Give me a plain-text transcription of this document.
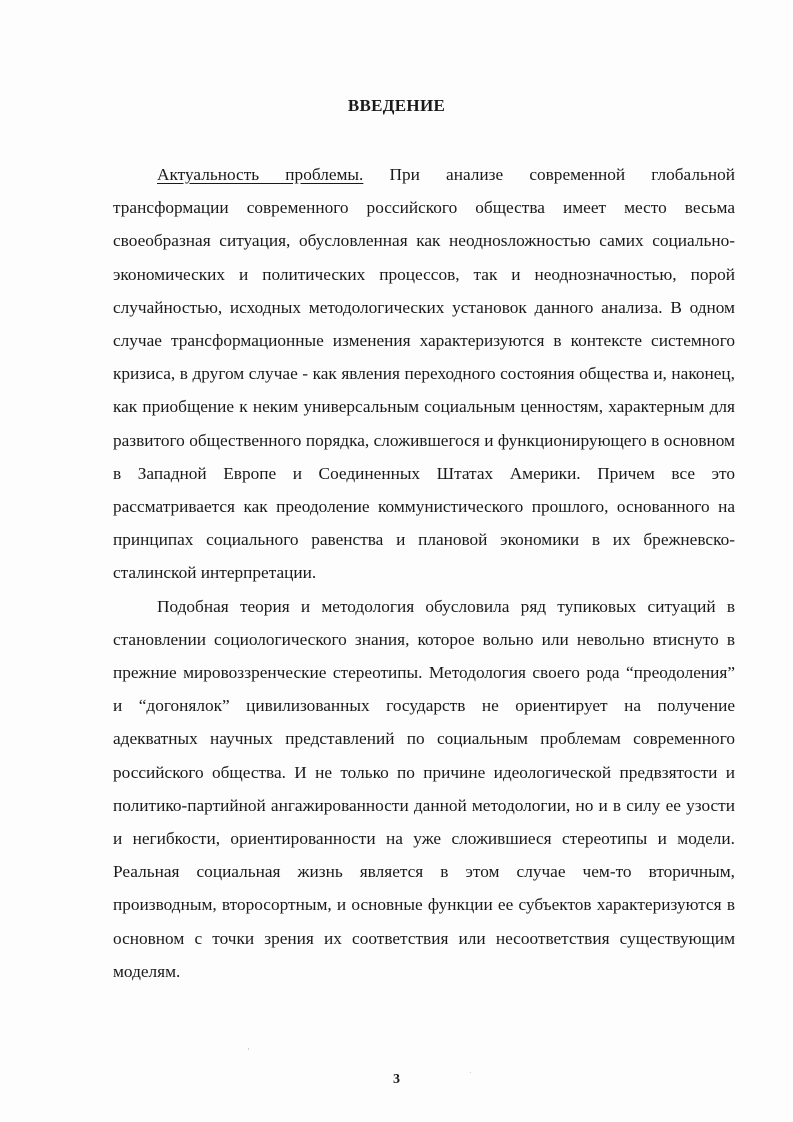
ВВЕДЕНИЕ

Актуальность проблемы. При анализе современной глобальной трансформации современного российского общества имеет место весьма своеобразная ситуация, обусловленная как неоднosложностью самих социально-экономических и политических процессов, так и неоднозначностью, порой случайностью, исходных методологических установок данного анализа. В одном случае трансформационные изменения характеризуются в контексте системного кризиса, в другом случае - как явления переходного состояния общества и, наконец, как приобщение к неким универсальным социальным ценностям, характерным для развитого общественного порядка, сложившегося и функционирующего в основном в Западной Европе и Соединенных Штатах Америки. Причем все это рассматривается как преодоление коммунистического прошлого, основанного на принципах социального равенства и плановой экономики в их брежневско-сталинской интерпретации.

Подобная теория и методология обусловила ряд тупиковых ситуаций в становлении социологического знания, которое вольно или невольно втиснуто в прежние мировоззренческие стереотипы. Методология своего рода “преодоления” и “догонялок” цивилизованных государств не ориентирует на получение адекватных научных представлений по социальным проблемам современного российского общества. И не только по причине идеологической предвзятости и политико-партийной ангажированности данной методологии, но и в силу ее узости и негибкости, ориентированности на уже сложившиеся стереотипы и модели. Реальная социальная жизнь является в этом случае чем-то вторичным, производным, второсортным, и основные функции ее субъектов характеризуются в основном с точки зрения их соответствия или несоответствия существующим моделям.

3
